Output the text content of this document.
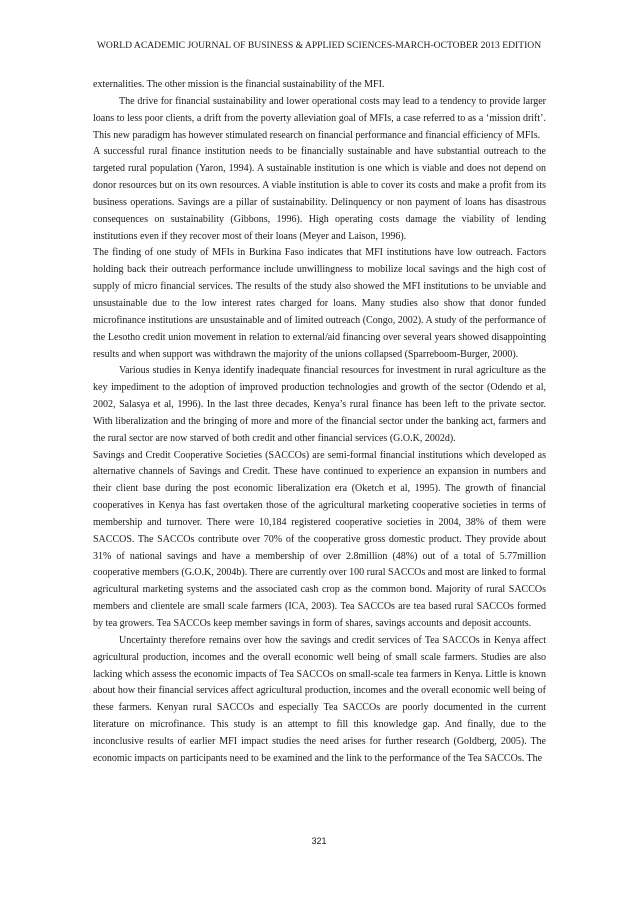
WORLD ACADEMIC JOURNAL OF BUSINESS & APPLIED SCIENCES-MARCH-OCTOBER 2013 EDITION

externalities. The other mission is the financial sustainability of the MFI.

The drive for financial sustainability and lower operational costs may lead to a tendency to provide larger loans to less poor clients, a drift from the poverty alleviation goal of MFIs, a case referred to as a ‘mission drift’. This new paradigm has however stimulated research on financial performance and financial efficiency of MFIs.

A successful rural finance institution needs to be financially sustainable and have substantial outreach to the targeted rural population (Yaron, 1994). A sustainable institution is one which is viable and does not depend on donor resources but on its own resources. A viable institution is able to cover its costs and make a profit from its business operations. Savings are a pillar of sustainability. Delinquency or non payment of loans has disastrous consequences on sustainability (Gibbons, 1996). High operating costs damage the viability of lending institutions even if they recover most of their loans (Meyer and Laison, 1996).

The finding of one study of MFIs in Burkina Faso indicates that MFI institutions have low outreach. Factors holding back their outreach performance include unwillingness to mobilize local savings and the high cost of supply of micro financial services. The results of the study also showed the MFI institutions to be unviable and unsustainable due to the low interest rates charged for loans. Many studies also show that donor funded microfinance institutions are unsustainable and of limited outreach (Congo, 2002). A study of the performance of the Lesotho credit union movement in relation to external/aid financing over several years showed disappointing results and when support was withdrawn the majority of the unions collapsed (Sparreboom-Burger, 2000).

Various studies in Kenya identify inadequate financial resources for investment in rural agriculture as the key impediment to the adoption of improved production technologies and growth of the sector (Odendo et al, 2002, Salasya et al, 1996). In the last three decades, Kenya’s rural finance has been left to the private sector. With liberalization and the bringing of more and more of the financial sector under the banking act, farmers and the rural sector are now starved of both credit and other financial services (G.O.K, 2002d).

Savings and Credit Cooperative Societies (SACCOs) are semi-formal financial institutions which developed as alternative channels of Savings and Credit. These have continued to experience an expansion in numbers and their client base during the post economic liberalization era (Oketch et al, 1995). The growth of financial cooperatives in Kenya has fast overtaken those of the agricultural marketing cooperative societies in terms of membership and turnover. There were 10,184 registered cooperative societies in 2004, 38% of them were SACCOS. The SACCOs contribute over 70% of the cooperative gross domestic product. They provide about 31% of national savings and have a membership of over 2.8million (48%) out of a total of 5.77million cooperative members (G.O.K, 2004b). There are currently over 100 rural SACCOs and most are linked to formal agricultural marketing systems and the associated cash crop as the common bond. Majority of rural SACCOs members and clientele are small scale farmers (ICA, 2003). Tea SACCOs are tea based rural SACCOs formed by tea growers. Tea SACCOs keep member savings in form of shares, savings accounts and deposit accounts.

Uncertainty therefore remains over how the savings and credit services of Tea SACCOs in Kenya affect agricultural production, incomes and the overall economic well being of small scale farmers. Studies are also lacking which assess the economic impacts of Tea SACCOs on small-scale tea farmers in Kenya. Little is known about how their financial services affect agricultural production, incomes and the overall economic well being of these farmers. Kenyan rural SACCOs and especially Tea SACCOs are poorly documented in the current literature on microfinance. This study is an attempt to fill this knowledge gap. And finally, due to the inconclusive results of earlier MFI impact studies the need arises for further research (Goldberg, 2005). The economic impacts on participants need to be examined and the link to the performance of the Tea SACCOs. The

321
